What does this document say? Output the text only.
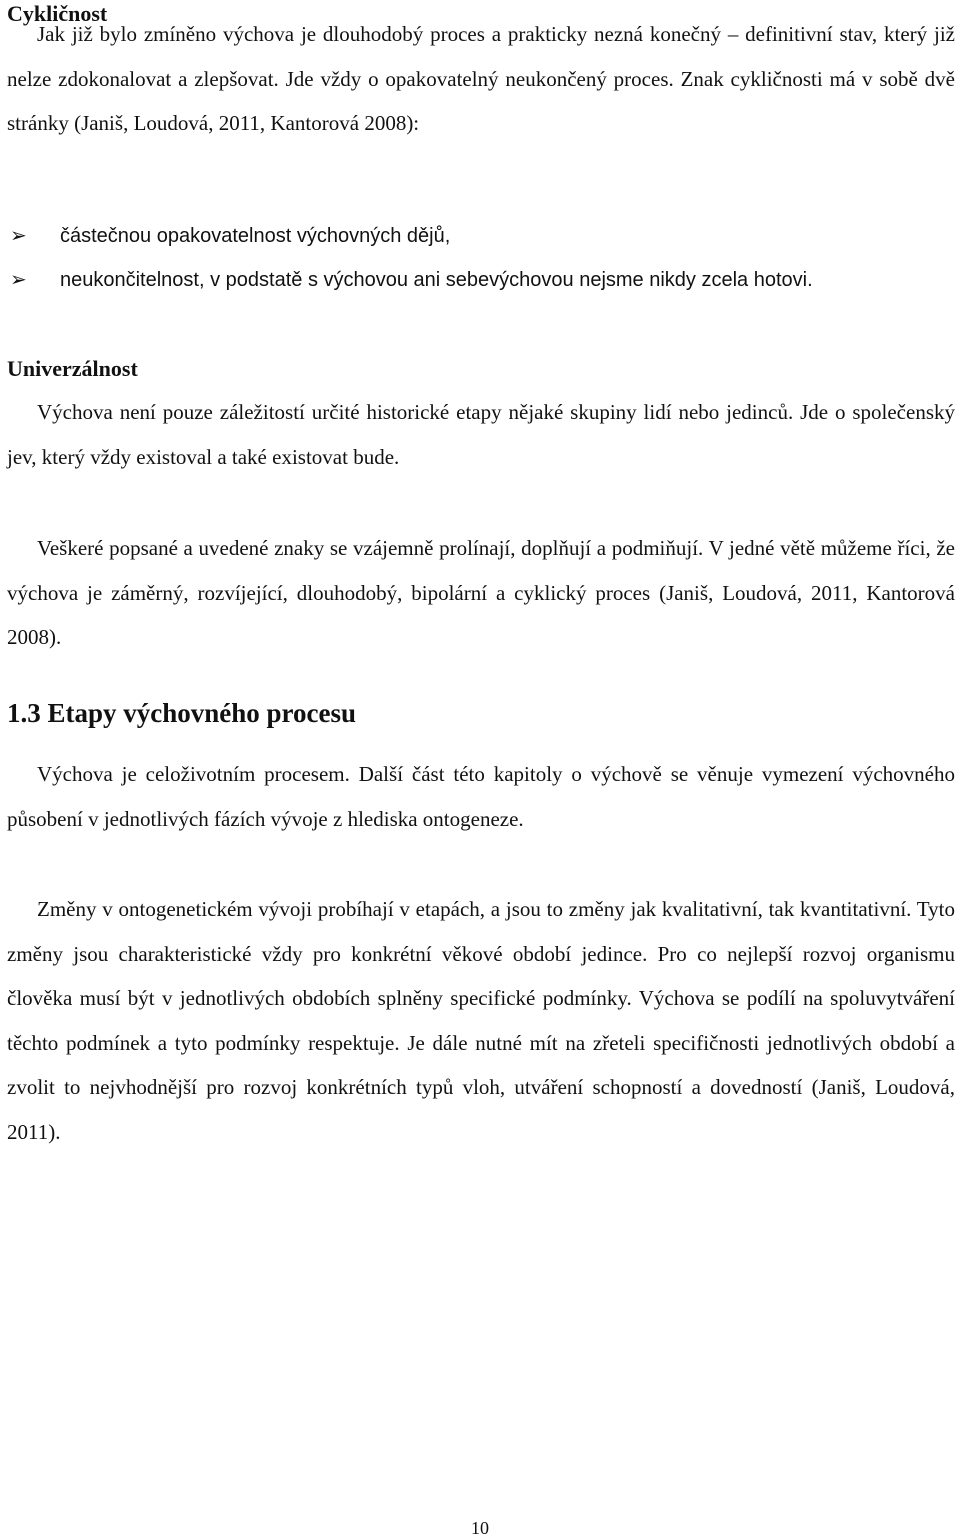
Cykličnost

Jak již bylo zmíněno výchova je dlouhodobý proces a prakticky nezná konečný – definitivní stav, který již nelze zdokonalovat a zlepšovat. Jde vždy o opakovatelný neukončený proces. Znak cykličnosti má v sobě dvě stránky (Janiš, Loudová, 2011, Kantorová 2008):

➢	částečnou opakovatelnost výchovných dějů,
➢	neukončitelnost, v podstatě s výchovou ani sebevýchovou nejsme nikdy zcela hotovi.
Univerzálnost

Výchova není pouze záležitostí určité historické etapy nějaké skupiny lidí nebo jedinců. Jde o společenský jev, který vždy existoval a také existovat bude.

Veškeré popsané a uvedené znaky se vzájemně prolínají, doplňují a podmiňují. V jedné větě můžeme říci, že výchova je záměrný, rozvíjející, dlouhodobý, bipolární a cyklický proces (Janiš, Loudová, 2011, Kantorová 2008).

1.3 Etapy výchovného procesu

Výchova je celoživotním procesem. Další část této kapitoly o výchově se věnuje vymezení výchovného působení v jednotlivých fázích vývoje z hlediska ontogeneze.

Změny v ontogenetickém vývoji probíhají v etapách, a jsou to změny jak kvalitativní, tak kvantitativní. Tyto změny jsou charakteristické vždy pro konkrétní věkové období jedince. Pro co nejlepší rozvoj organismu člověka musí být v jednotlivých obdobích splněny specifické podmínky. Výchova se podílí na spoluvytváření těchto podmínek a tyto podmínky respektuje. Je dále nutné mít na zřeteli specifičnosti jednotlivých období a zvolit to nejvhodnější pro rozvoj konkrétních typů vloh, utváření schopností a dovedností (Janiš, Loudová, 2011).

10
